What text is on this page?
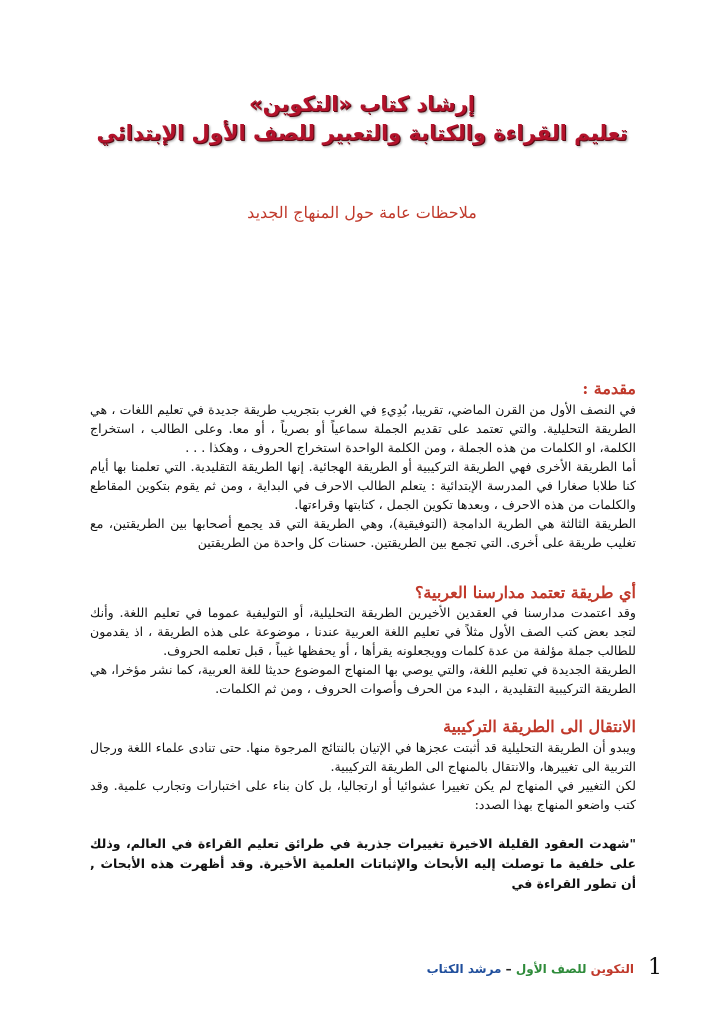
إرشاد كتاب «التكوين»

تعليم القراءة والكتابة والتعبير للصف الأول الإبتدائي

ملاحظات عامة حول المنهاج الجديد
مقدمة :

في النصف الأول من القرن الماضي، تقريبا، بُدِيءِ في الغرب بتجريب طريقة جديدة في تعليم اللغات ، هي الطريقة التحليلية. والتي تعتمد على تقديم الجملة سماعياً أو بصرياً ، أو معا. وعلى الطالب ، استخراج الكلمة، او الكلمات من هذه الجملة ، ومن الكلمة الواحدة استخراج الحروف ، وهكذا . . .

أما الطريقة الأخرى فهي الطريقة التركيبية أو الطريقة الهجائية. إنها الطريقة التقليدية. التي تعلمنا بها أيام كنا طلابا صغارا في المدرسة الإبتدائية : يتعلم الطالب الاحرف في البداية ، ومن ثم يقوم بتكوين المقاطع والكلمات من هذه الاحرف ، وبعدها تكوين الجمل ، كتابتها وقراءتها.

الطريقة الثالثة هي الطرية الدامجة (التوفيقية)، وهي الطريقة التي قد يجمع أصحابها بين الطريقتين، مع تغليب طريقة على أخرى. التي تجمع بين الطريقتين. حسنات كل واحدة من الطريقتين

أي طريقة تعتمد مدارسنا العربية؟

وقد اعتمدت مدارسنا في العقدين الأخيرين الطريقة التحليلية، أو التوليفية عموما في تعليم اللغة. وأنك لتجد بعض كتب الصف الأول مثلاً في تعليم اللغة العربية عندنا ، موضوعة على هذه الطريقة ، اذ يقدمون للطالب جملة مؤلفة من عدة كلمات وويجعلونه يقرأها ، أو يحفظها غيباً ، قبل تعلمه الحروف.

الطريقة الجديدة في تعليم اللغة، والتي يوصي بها المنهاج الموضوع حديثا للغة العربية، كما نشر مؤخرا، هي الطريقة التركيبية التقليدية ، البدء من الحرف وأصوات الحروف ، ومن ثم الكلمات.

الانتقال الى الطريقة التركيبية

ويبدو أن الطريقة التحليلية قد أثبتت عجزها في الإتيان بالنتائج المرجوة منها. حتى تنادى علماء اللغة ورجال التربية الى تغييرها، والانتقال بالمنهاج الى الطريقة التركيبية.

لكن التغيير في المنهاج لم يكن تغييرا عشوائيا أو ارتجاليا، بل كان بناء على اختبارات وتجارب علمية. وقد كتب واضعو المنهاج بهذا الصدد:

"شهدت العقود القليلة الاخيرة تغييرات جذرية في طرائق تعليم القراءة في العالم، وذلك على خلفية ما توصلت إليه الأبحاث والإثباتات العلمية الأخيرة. وقد أظهرت هذه الأبحاث , أن تطور القراءة في

التكوين للصف الأول – مرشد الكتاب	1
